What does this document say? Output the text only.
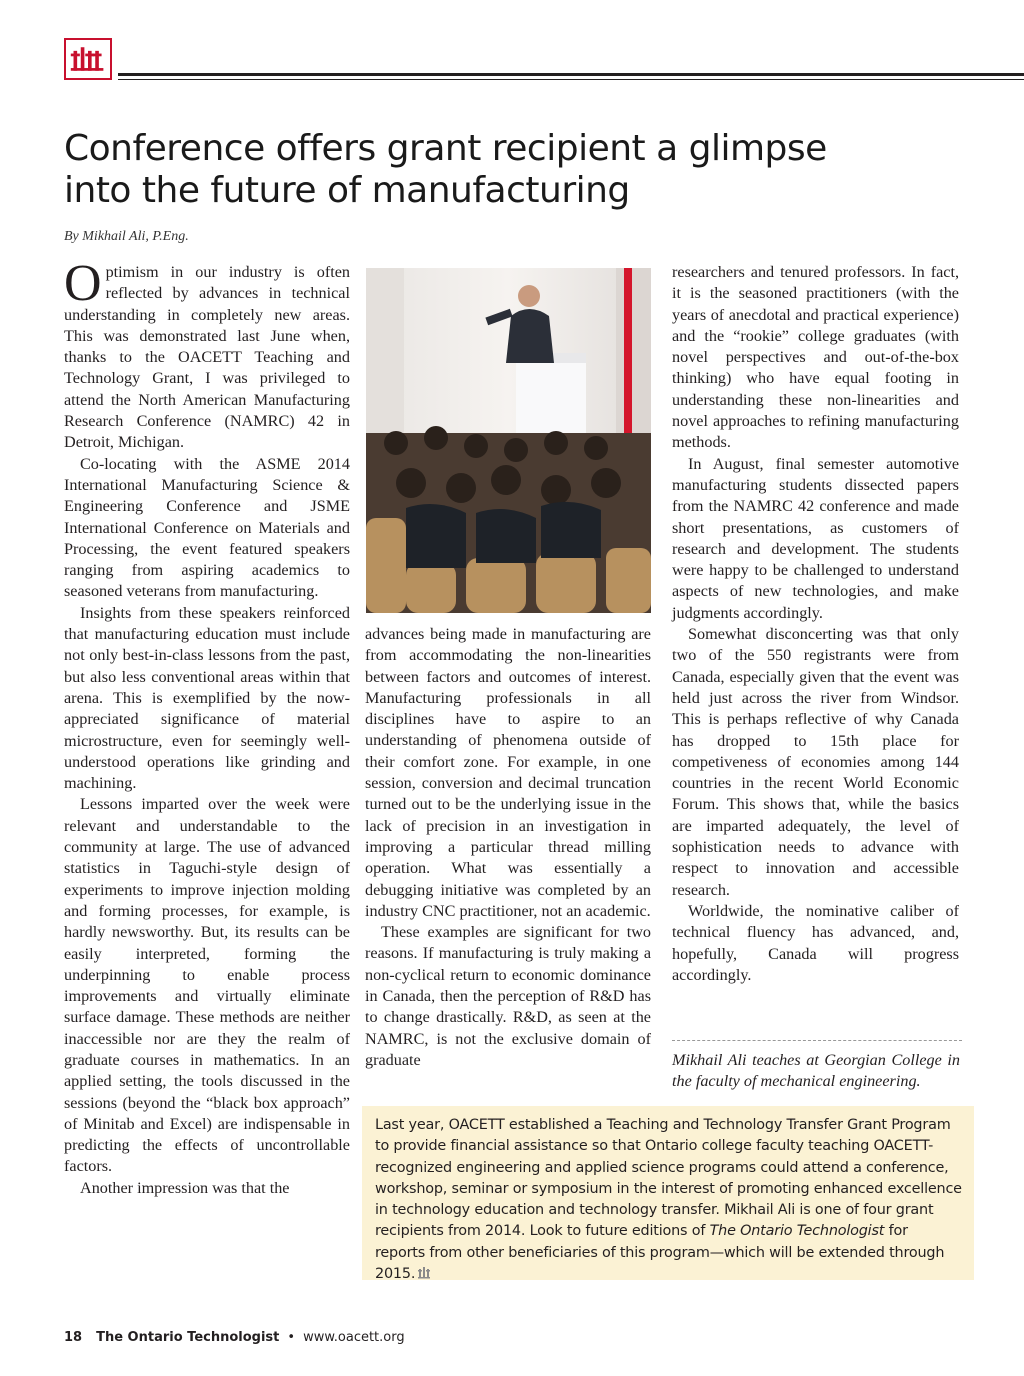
Conference offers grant recipient a glimpse
into the future of manufacturing
By Mikhail Ali, P.Eng.

Optimism in our industry is often reflected by advances in technical understanding in completely new areas. This was demonstrated last June when, thanks to the OACETT Teaching and Technology Grant, I was privileged to attend the North American Manufacturing Research Conference (NAMRC) 42 in Detroit, Michigan.

Co-locating with the ASME 2014 International Manufacturing Science & Engineering Conference and JSME International Conference on Materials and Processing, the event featured speakers ranging from aspiring academics to seasoned veterans from manufacturing.

Insights from these speakers reinforced that manufacturing education must include not only best-in-class lessons from the past, but also less conventional areas within that arena. This is exemplified by the now-appreciated significance of material microstructure, even for seemingly well-understood operations like grinding and machining.

Lessons imparted over the week were relevant and understandable to the community at large. The use of advanced statistics in Taguchi-style design of experiments to improve injection molding and forming processes, for example, is hardly newsworthy. But, its results can be easily interpreted, forming the underpinning to enable process improvements and virtually eliminate surface damage. These methods are neither inaccessible nor are they the realm of graduate courses in mathematics. In an applied setting, the tools discussed in the sessions (beyond the “black box approach” of Minitab and Excel) are indispensable in predicting the effects of uncontrollable factors.

Another impression was that the

advances being made in manufacturing are from accommodating the non-linearities between factors and outcomes of interest. Manufacturing professionals in all disciplines have to aspire to an understanding of phenomena outside of their comfort zone. For example, in one session, conversion and decimal truncation turned out to be the underlying issue in the lack of precision in an investigation in improving a particular thread milling operation. What was essentially a debugging initiative was completed by an industry CNC practitioner, not an academic.

These examples are significant for two reasons. If manufacturing is truly making a non-cyclical return to economic dominance in Canada, then the perception of R&D has to change drastically. R&D, as seen at the NAMRC, is not the exclusive domain of graduate

researchers and tenured professors. In fact, it is the seasoned practitioners (with the years of anecdotal and practical experience) and the “rookie” college graduates (with novel perspectives and out-of-the-box thinking) who have equal footing in understanding these non-linearities and novel approaches to refining manufacturing methods.

In August, final semester automotive manufacturing students dissected papers from the NAMRC 42 conference and made short presentations, as customers of research and development. The students were happy to be challenged to understand aspects of new technologies, and make judgments accordingly.

Somewhat disconcerting was that only two of the 550 registrants were from Canada, especially given that the event was held just across the river from Windsor. This is perhaps reflective of why Canada has dropped to 15th place for competiveness of economies among 144 countries in the recent World Economic Forum. This shows that, while the basics are imparted adequately, the level of sophistication needs to advance with respect to innovation and accessible research.

Worldwide, the nominative caliber of technical fluency has advanced, and, hopefully, Canada will progress accordingly.

Mikhail Ali teaches at Georgian College in the faculty of mechanical engineering.
Last year, OACETT established a Teaching and Technology Transfer Grant Program to provide financial assistance so that Ontario college faculty teaching OACETT-recognized engineering and applied science programs could attend a conference, workshop, seminar or symposium in the interest of promoting enhanced excellence in technology education and technology transfer. Mikhail Ali is one of four grant recipients from 2014. Look to future editions of The Ontario Technologist for reports from other beneficiaries of this program—which will be extended through 2015.
18 The Ontario Technologist • www.oacett.org
